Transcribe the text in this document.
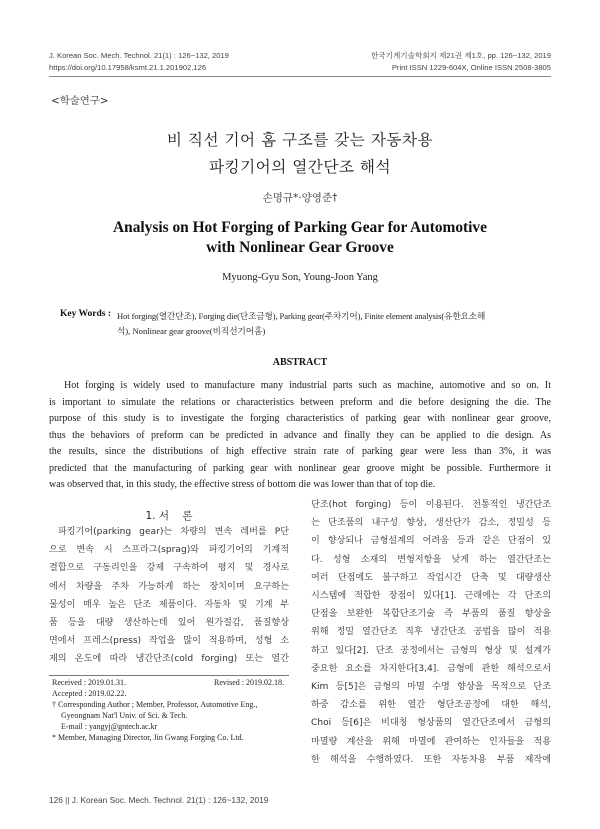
J. Korean Soc. Mech. Technol. 21(1) : 126~132, 2019
https://doi.org/10.17958/ksmt.21.1.201902.126
한국기계기술학회지 제21권 제1호, pp. 126~132, 2019
Print ISSN 1229-604X, Online ISSN 2508-3805
<학술연구>
비 직선 기어 홈 구조를 갖는 자동차용
파킹기어의 열간단조 해석
손명규*·양영준†
Analysis on Hot Forging of Parking Gear for Automotive
with Nonlinear Gear Groove
Myuong-Gyu Son, Young-Joon Yang
Key Words : Hot forging(열간단조), Forging die(단조금형), Parking gear(주차기어), Finite element analysis(유한요소해
석), Nonlinear gear groove(비직선기어홈)
ABSTRACT
Hot forging is widely used to manufacture many industrial parts such as machine, automotive and so on. It
is important to simulate the relations or characteristics between preform and die before designing the die. The
purpose of this study is to investigate the forging characteristics of parking gear with nonlinear gear groove,
thus the behaviors of preform can be predicted in advance and finally they can be applied to die design. As
the results, since the distributions of high effective strain rate of parking gear were less than 3%, it was
predicted that the manufacturing of parking gear with nonlinear gear groove might be possible. Furthermore it
was observed that, in this study, the effective stress of bottom die was lower than that of top die.
1. 서    론
파킹기어(parking gear)는 차량의 변속 레버를 P단
으로 변속 시 스프라그(sprag)와 파킹기어의 기계적
결합으로 구동리인을 강제 구속하여 평지 및 경사로
에서 차량을 주차 가능하게 하는 장치이며 요구하는
물성이 매우 높은 단조 제품이다. 자동차 및 기계 부
품 등을 대량 생산하는데 있어 원가절감, 품질향상
면에서 프레스(press) 작업을 많이 적용하며, 성형 소
재의 온도에 따라 냉간단조(cold forging) 또는 열간
Received : 2019.01.31.	Revised : 2019.02.18.
Accepted : 2019.02.22.
† Corresponding Author ; Member, Professor, Automotive Eng.,
Gyeongnam Nat'l Univ. of Sci. & Tech.
E-mail : yangyj@gntech.ac.kr
* Member, Managing Director, Jin Gwang Forging Co. Ltd.
단조(hot forging) 등이 이용된다. 전통적인 냉간단조
는 단조품의 내구성 향상, 생산단가 감소, 정밀성 등
이 향상되나 금형설계의 어려움 등과 같은 단점이 있
다. 성형 소재의 변형저항을 낮게 하는 열간단조는
여러 단점에도 불구하고 작업시간 단축 및 대량생산
시스템에 적합한 장점이 있다[1]. 근래에는 각 단조의
단점을 보완한 복합단조기술 즉 부품의 품질 향상을
위해 정밀 열간단조 직후 냉간단조 공법을 많이 적용
하고 있다[2]. 단조 공정에서는 금형의 형상 및 설계가
중요한 요소를 차지한다[3,4]. 금형에 관한 해석으로서
Kim 등[5]은 금형의 마멸 수명 향상을 목적으로 단조
하중 감소를 위한 열간 형단조공정에 대한 해석,
Choi 등[6]은 비대칭 형상품의 열간단조에서 금형의
마멸량 계산을 위해 마멸에 관여하는 인자들을 적용
한 해석을 수행하였다. 또한 자동차용 부품 제작에
126 || J. Korean Soc. Mech. Technol. 21(1) : 126~132, 2019
